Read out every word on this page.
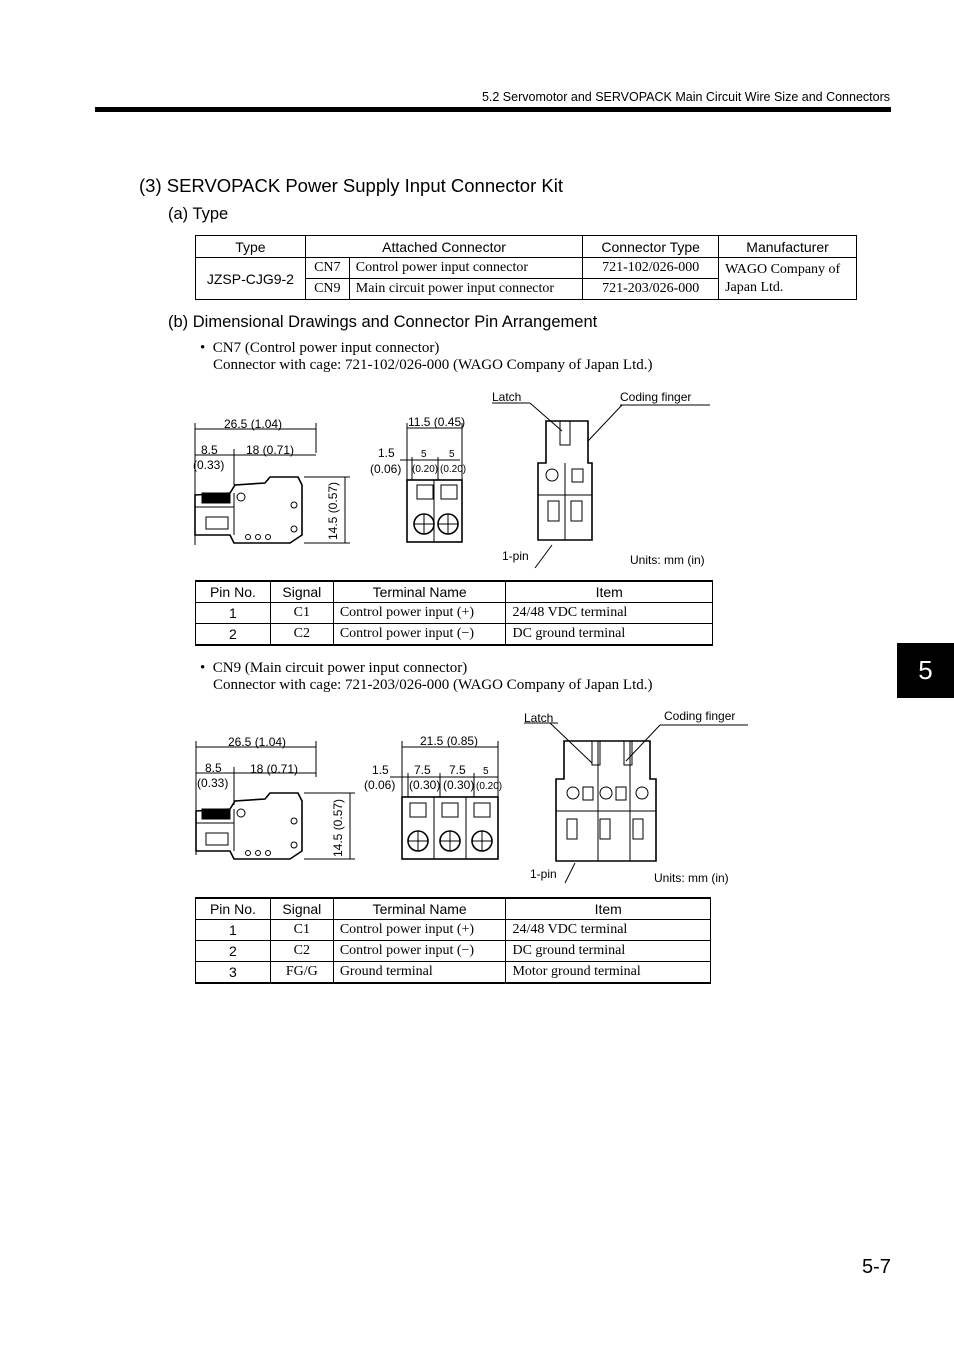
5.2 Servomotor and SERVOPACK Main Circuit Wire Size and Connectors
(3) SERVOPACK Power Supply Input Connector Kit
(a) Type
Type	Attached Connector		Connector Type	Manufacturer
JZSP-CJG9-2	CN7	Control power input connector	721-102/026-000	WAGO Company of Japan Ltd.
	CN9	Main circuit power input connector	721-203/026-000	
(b) Dimensional Drawings and Connector Pin Arrangement
• CN7 (Control power input connector)
Connector with cage: 721-102/026-000 (WAGO Company of Japan Ltd.)
26.5 (1.04)
8.5
(0.33)
18 (0.71)
14.5 (0.57)
11.5 (0.45)
1.5
(0.06)
5
(0.20)
5
(0.20)
Latch	Coding finger
1-pin	Units: mm (in)
Pin No.	Signal	Terminal Name	Item
1	C1	Control power input (+)	24/48 VDC terminal
2	C2	Control power input (−)	DC ground terminal
• CN9 (Main circuit power input connector)
Connector with cage: 721-203/026-000 (WAGO Company of Japan Ltd.)
26.5 (1.04)
8.5
(0.33)
18 (0.71)
14.5 (0.57)
21.5 (0.85)
1.5
(0.06)
7.5
(0.30)
7.5
(0.30)
5
(0.20)
Latch	Coding finger
1-pin	Units: mm (in)
Pin No.	Signal	Terminal Name	Item
1	C1	Control power input (+)	24/48 VDC terminal
2	C2	Control power input (−)	DC ground terminal
3	FG/G	Ground terminal	Motor ground terminal
5
5-7
